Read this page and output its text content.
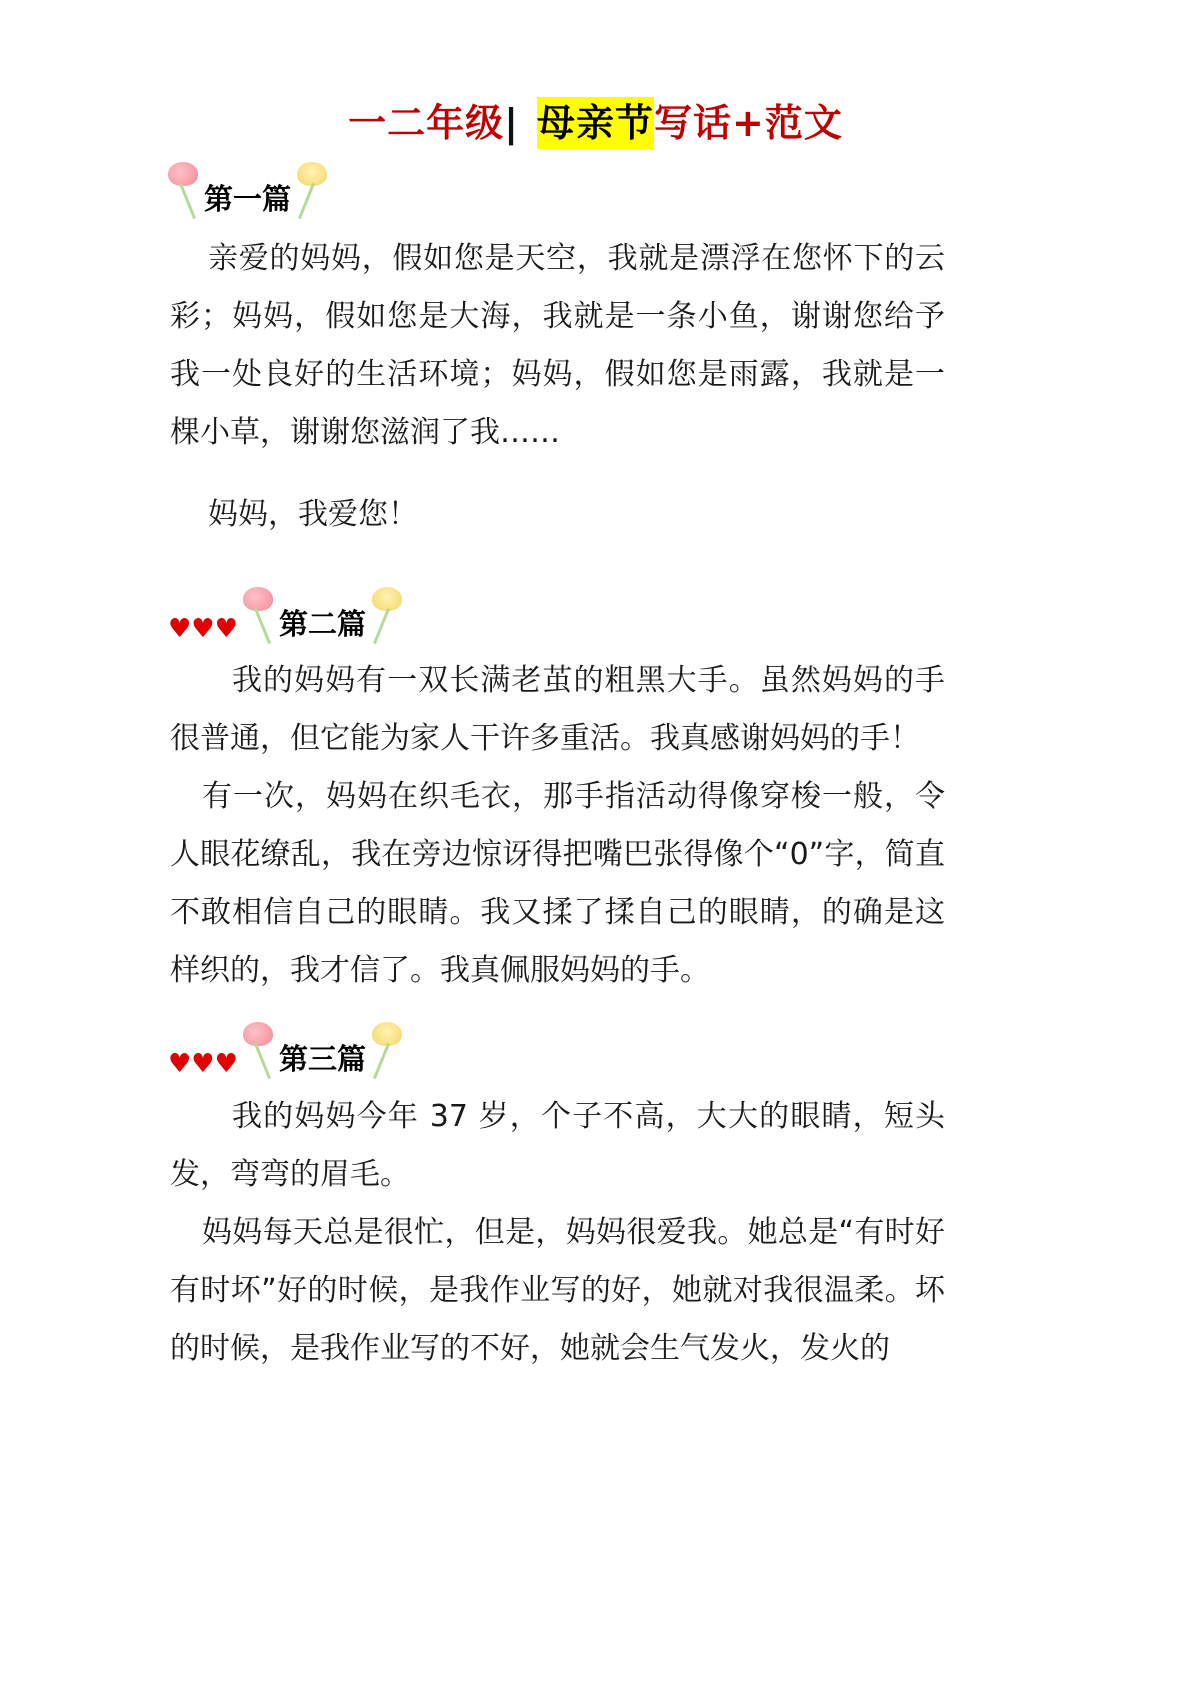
一二年级| 母亲节写话+范文
第一篇
亲爱的妈妈，假如您是天空，我就是漂浮在您怀下的云彩；妈妈，假如您是大海，我就是一条小鱼，谢谢您给予我一处良好的生活环境；妈妈，假如您是雨露，我就是一棵小草，谢谢您滋润了我……
妈妈，我爱您！
♥♥♥ 第二篇
我的妈妈有一双长满老茧的粗黑大手。虽然妈妈的手很普通，但它能为家人干许多重活。我真感谢妈妈的手！
有一次，妈妈在织毛衣，那手指活动得像穿梭一般，令人眼花缭乱，我在旁边惊讶得把嘴巴张得像个“0”字，简直不敢相信自己的眼睛。我又揉了揉自己的眼睛，的确是这样织的，我才信了。我真佩服妈妈的手。
♥♥♥ 第三篇
我的妈妈今年 37 岁，个子不高，大大的眼睛，短头发，弯弯的眉毛。
妈妈每天总是很忙，但是，妈妈很爱我。她总是“有时好有时坏”好的时候，是我作业写的好，她就对我很温柔。坏的时候，是我作业写的不好，她就会生气发火，发火的
